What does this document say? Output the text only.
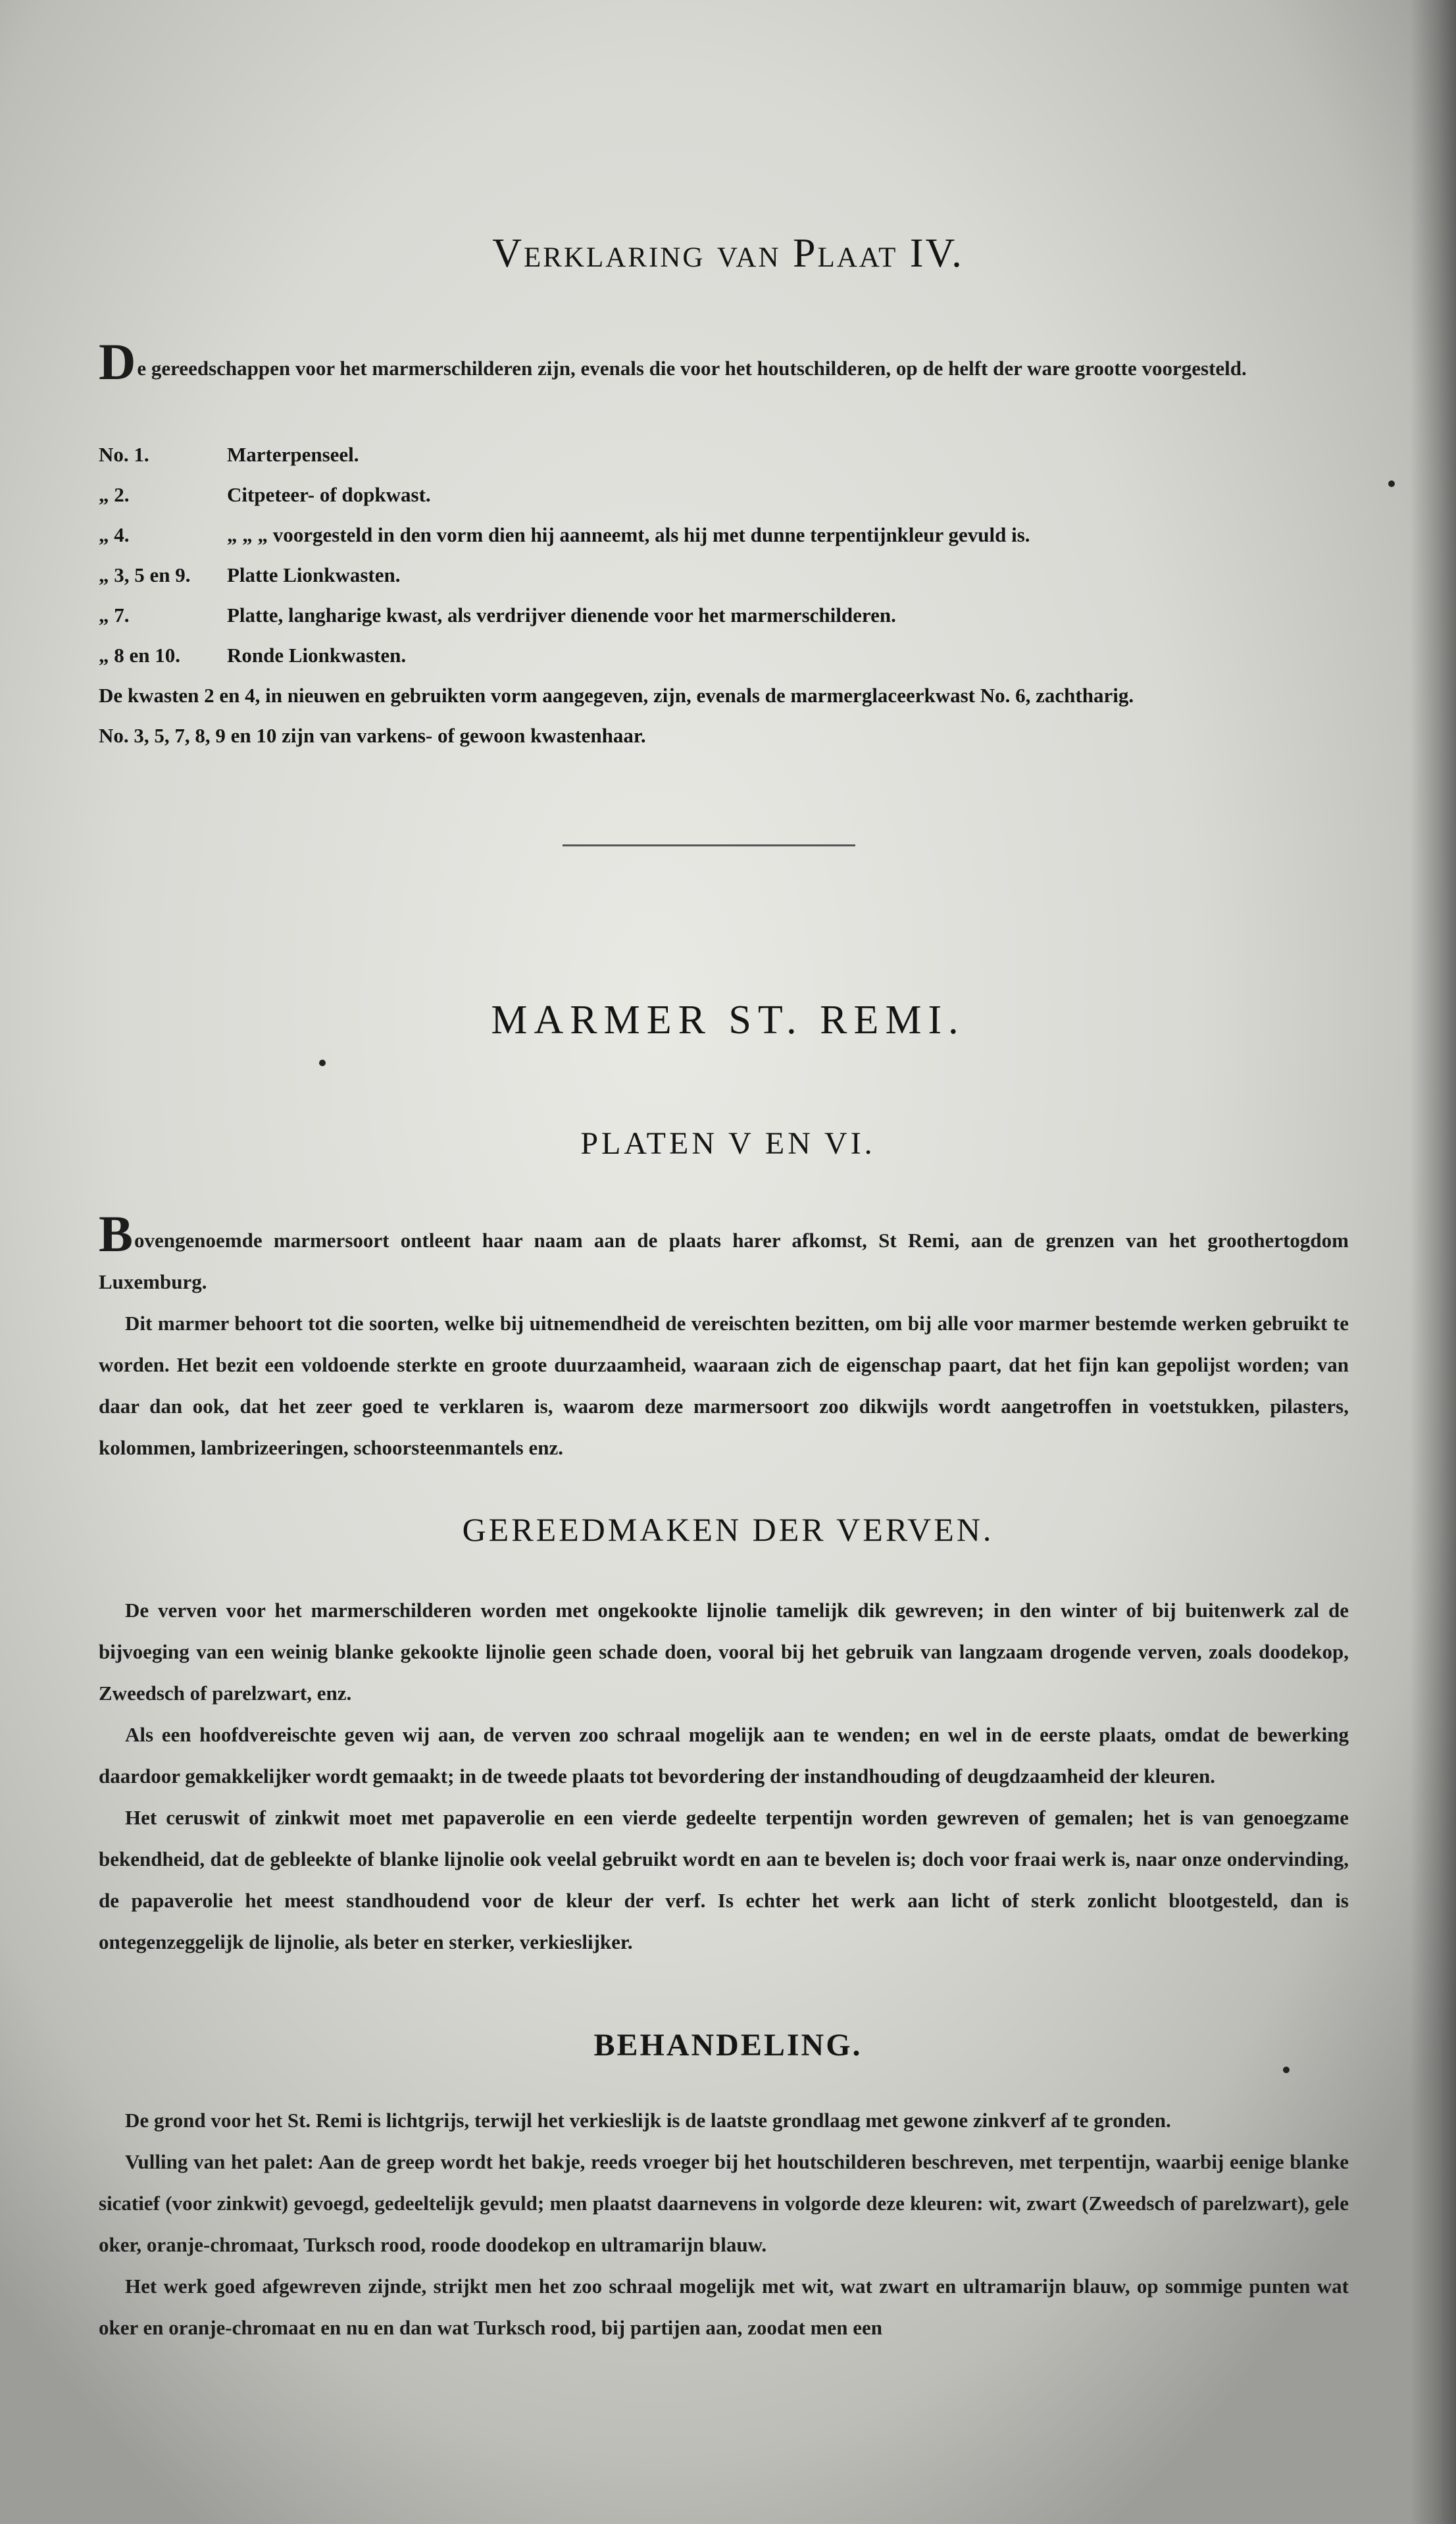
Verklaring van Plaat IV.

De gereedschappen voor het marmerschilderen zijn, evenals die voor het houtschilderen, op de helft der ware grootte voorgesteld.

No. 1.	Marterpenseel.
„ 2.	Citpeteer- of dopkwast.
„ 4.	„ „ „ voorgesteld in den vorm dien hij aanneemt, als hij met dunne terpentijnkleur gevuld is.
„ 3, 5 en 9. Platte Lionkwasten.
„ 7.	Platte, langharige kwast, als verdrijver dienende voor het marmerschilderen.
„ 8 en 10. Ronde Lionkwasten.
De kwasten 2 en 4, in nieuwen en gebruikten vorm aangegeven, zijn, evenals de marmerglaceerkwast No. 6, zachtharig.
No. 3, 5, 7, 8, 9 en 10 zijn van varkens- of gewoon kwastenhaar.
MARMER ST. REMI.
PLATEN V EN VI.

Bovengenoemde marmersoort ontleent haar naam aan de plaats harer afkomst, St Remi, aan de grenzen van het groothertogdom Luxemburg.

Dit marmer behoort tot die soorten, welke bij uitnemendheid de vereischten bezitten, om bij alle voor marmer bestemde werken gebruikt te worden. Het bezit een voldoende sterkte en groote duurzaamheid, waaraan zich de eigenschap paart, dat het fijn kan gepolijst worden; van daar dan ook, dat het zeer goed te verklaren is, waarom deze marmersoort zoo dikwijls wordt aangetroffen in voetstukken, pilasters, kolommen, lambrizeeringen, schoorsteenmantels enz.

GEREEDMAKEN DER VERVEN.

De verven voor het marmerschilderen worden met ongekookte lijnolie tamelijk dik gewreven; in den winter of bij buitenwerk zal de bijvoeging van een weinig blanke gekookte lijnolie geen schade doen, vooral bij het gebruik van langzaam drogende verven, zoals doodekop, Zweedsch of parelzwart, enz.

Als een hoofdvereischte geven wij aan, de verven zoo schraal mogelijk aan te wenden; en wel in de eerste plaats, omdat de bewerking daardoor gemakkelijker wordt gemaakt; in de tweede plaats tot bevordering der instandhouding of deugdzaamheid der kleuren.

Het ceruswit of zinkwit moet met papaverolie en een vierde gedeelte terpentijn worden gewreven of gemalen; het is van genoegzame bekendheid, dat de gebleekte of blanke lijnolie ook veelal gebruikt wordt en aan te bevelen is; doch voor fraai werk is, naar onze ondervinding, de papaverolie het meest standhoudend voor de kleur der verf. Is echter het werk aan licht of sterk zonlicht blootgesteld, dan is ontegenzeggelijk de lijnolie, als beter en sterker, verkieslijker.

BEHANDELING.

De grond voor het St. Remi is lichtgrijs, terwijl het verkieslijk is de laatste grondlaag met gewone zinkverf af te gronden.

Vulling van het palet: Aan de greep wordt het bakje, reeds vroeger bij het houtschilderen beschreven, met terpentijn, waarbij eenige blanke sicatief (voor zinkwit) gevoegd, gedeeltelijk gevuld; men plaatst daarnevens in volgorde deze kleuren: wit, zwart (Zweedsch of parelzwart), gele oker, oranje-chromaat, Turksch rood, roode doodekop en ultramarijn blauw.

Het werk goed afgewreven zijnde, strijkt men het zoo schraal mogelijk met wit, wat zwart en ultramarijn blauw, op sommige punten wat oker en oranje-chromaat en nu en dan wat Turksch rood, bij partijen aan, zoodat men een
